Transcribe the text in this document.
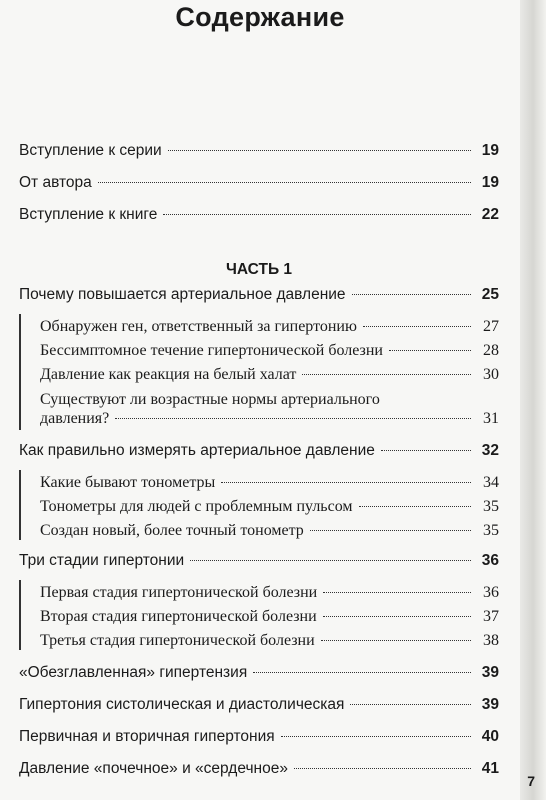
Содержание
Вступление к серии	19
От автора	19
Вступление к книге	22
ЧАСТЬ 1
Почему повышается артериальное давление	25
Обнаружен ген, ответственный за гипертонию	27
Бессимптомное течение гипертонической болезни	28
Давление как реакция на белый халат	30
Существуют ли возрастные нормы артериального
давления?	31
Как правильно измерять артериальное давление	32
Какие бывают тонометры	34
Тонометры для людей с проблемным пульсом	35
Создан новый, более точный тонометр	35
Три стадии гипертонии	36
Первая стадия гипертонической болезни	36
Вторая стадия гипертонической болезни	37
Третья стадия гипертонической болезни	38
«Обезглавленная» гипертензия	39
Гипертония систолическая и диастолическая	39
Первичная и вторичная гипертония	40
Давление «почечное» и «сердечное»	41
7
